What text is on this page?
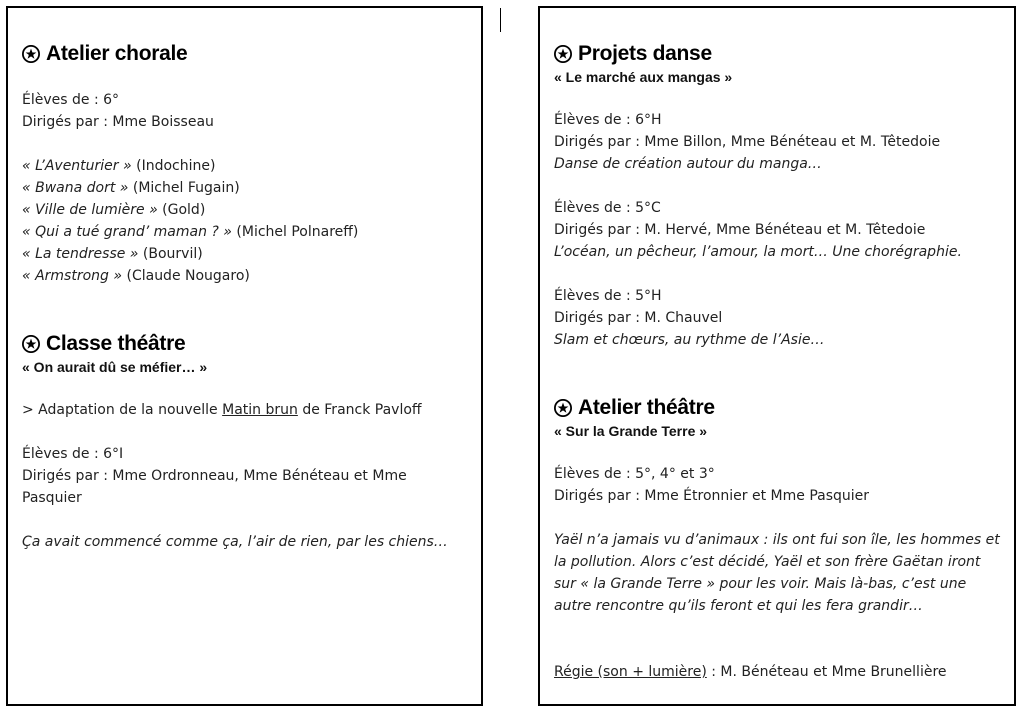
Atelier chorale
Élèves de : 6°
Dirigés par : Mme Boisseau
« L’Aventurier » (Indochine)
« Bwana dort » (Michel Fugain)
« Ville de lumière » (Gold)
« Qui a tué grand’ maman ? » (Michel Polnareff)
« La tendresse » (Bourvil)
« Armstrong » (Claude Nougaro)
Classe théâtre
« On aurait dû se méfier… »
> Adaptation de la nouvelle Matin brun de Franck Pavloff
Élèves de : 6°I
Dirigés par : Mme Ordronneau, Mme Bénéteau et Mme Pasquier
Ça avait commencé comme ça, l’air de rien, par les chiens…
Projets danse
« Le marché aux mangas »
Élèves de : 6°H
Dirigés par : Mme Billon, Mme Bénéteau et M. Têtedoie
Danse de création autour du manga…
Élèves de : 5°C
Dirigés par : M. Hervé, Mme Bénéteau et M. Têtedoie
L’océan, un pêcheur, l’amour, la mort… Une chorégraphie.
Élèves de : 5°H
Dirigés par : M. Chauvel
Slam et chœurs, au rythme de l’Asie…
Atelier théâtre
« Sur la Grande Terre »
Élèves de : 5°, 4° et 3°
Dirigés par : Mme Étronnier et Mme Pasquier
Yaël n’a jamais vu d’animaux : ils ont fui son île, les hommes et la pollution. Alors c’est décidé, Yaël et son frère Gaëtan iront sur « la Grande Terre » pour les voir. Mais là-bas, c’est une autre rencontre qu’ils feront et qui les fera grandir…
Régie (son + lumière) : M. Bénéteau et Mme Brunellière
